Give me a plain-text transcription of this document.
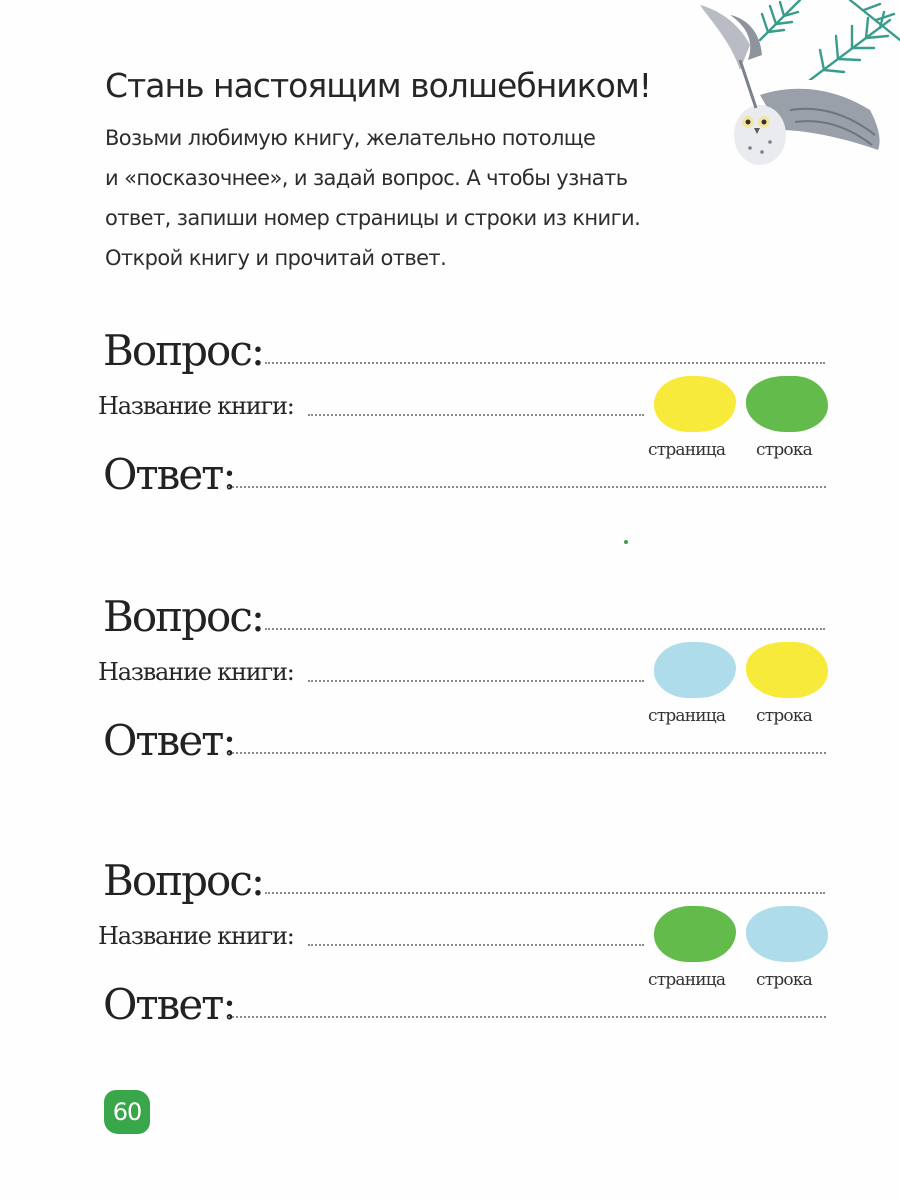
Стань настоящим волшебником!
Возьми любимую книгу, желательно потолще
и «посказочнее», и задай вопрос. А чтобы узнать
ответ, запиши номер страницы и строки из книги.
Открой книгу и прочитай ответ.
Вопрос:
Название книги:
страница строка
Ответ:
Вопрос:
Название книги:
страница строка
Ответ:
Вопрос:
Название книги:
страница строка
Ответ:
60
